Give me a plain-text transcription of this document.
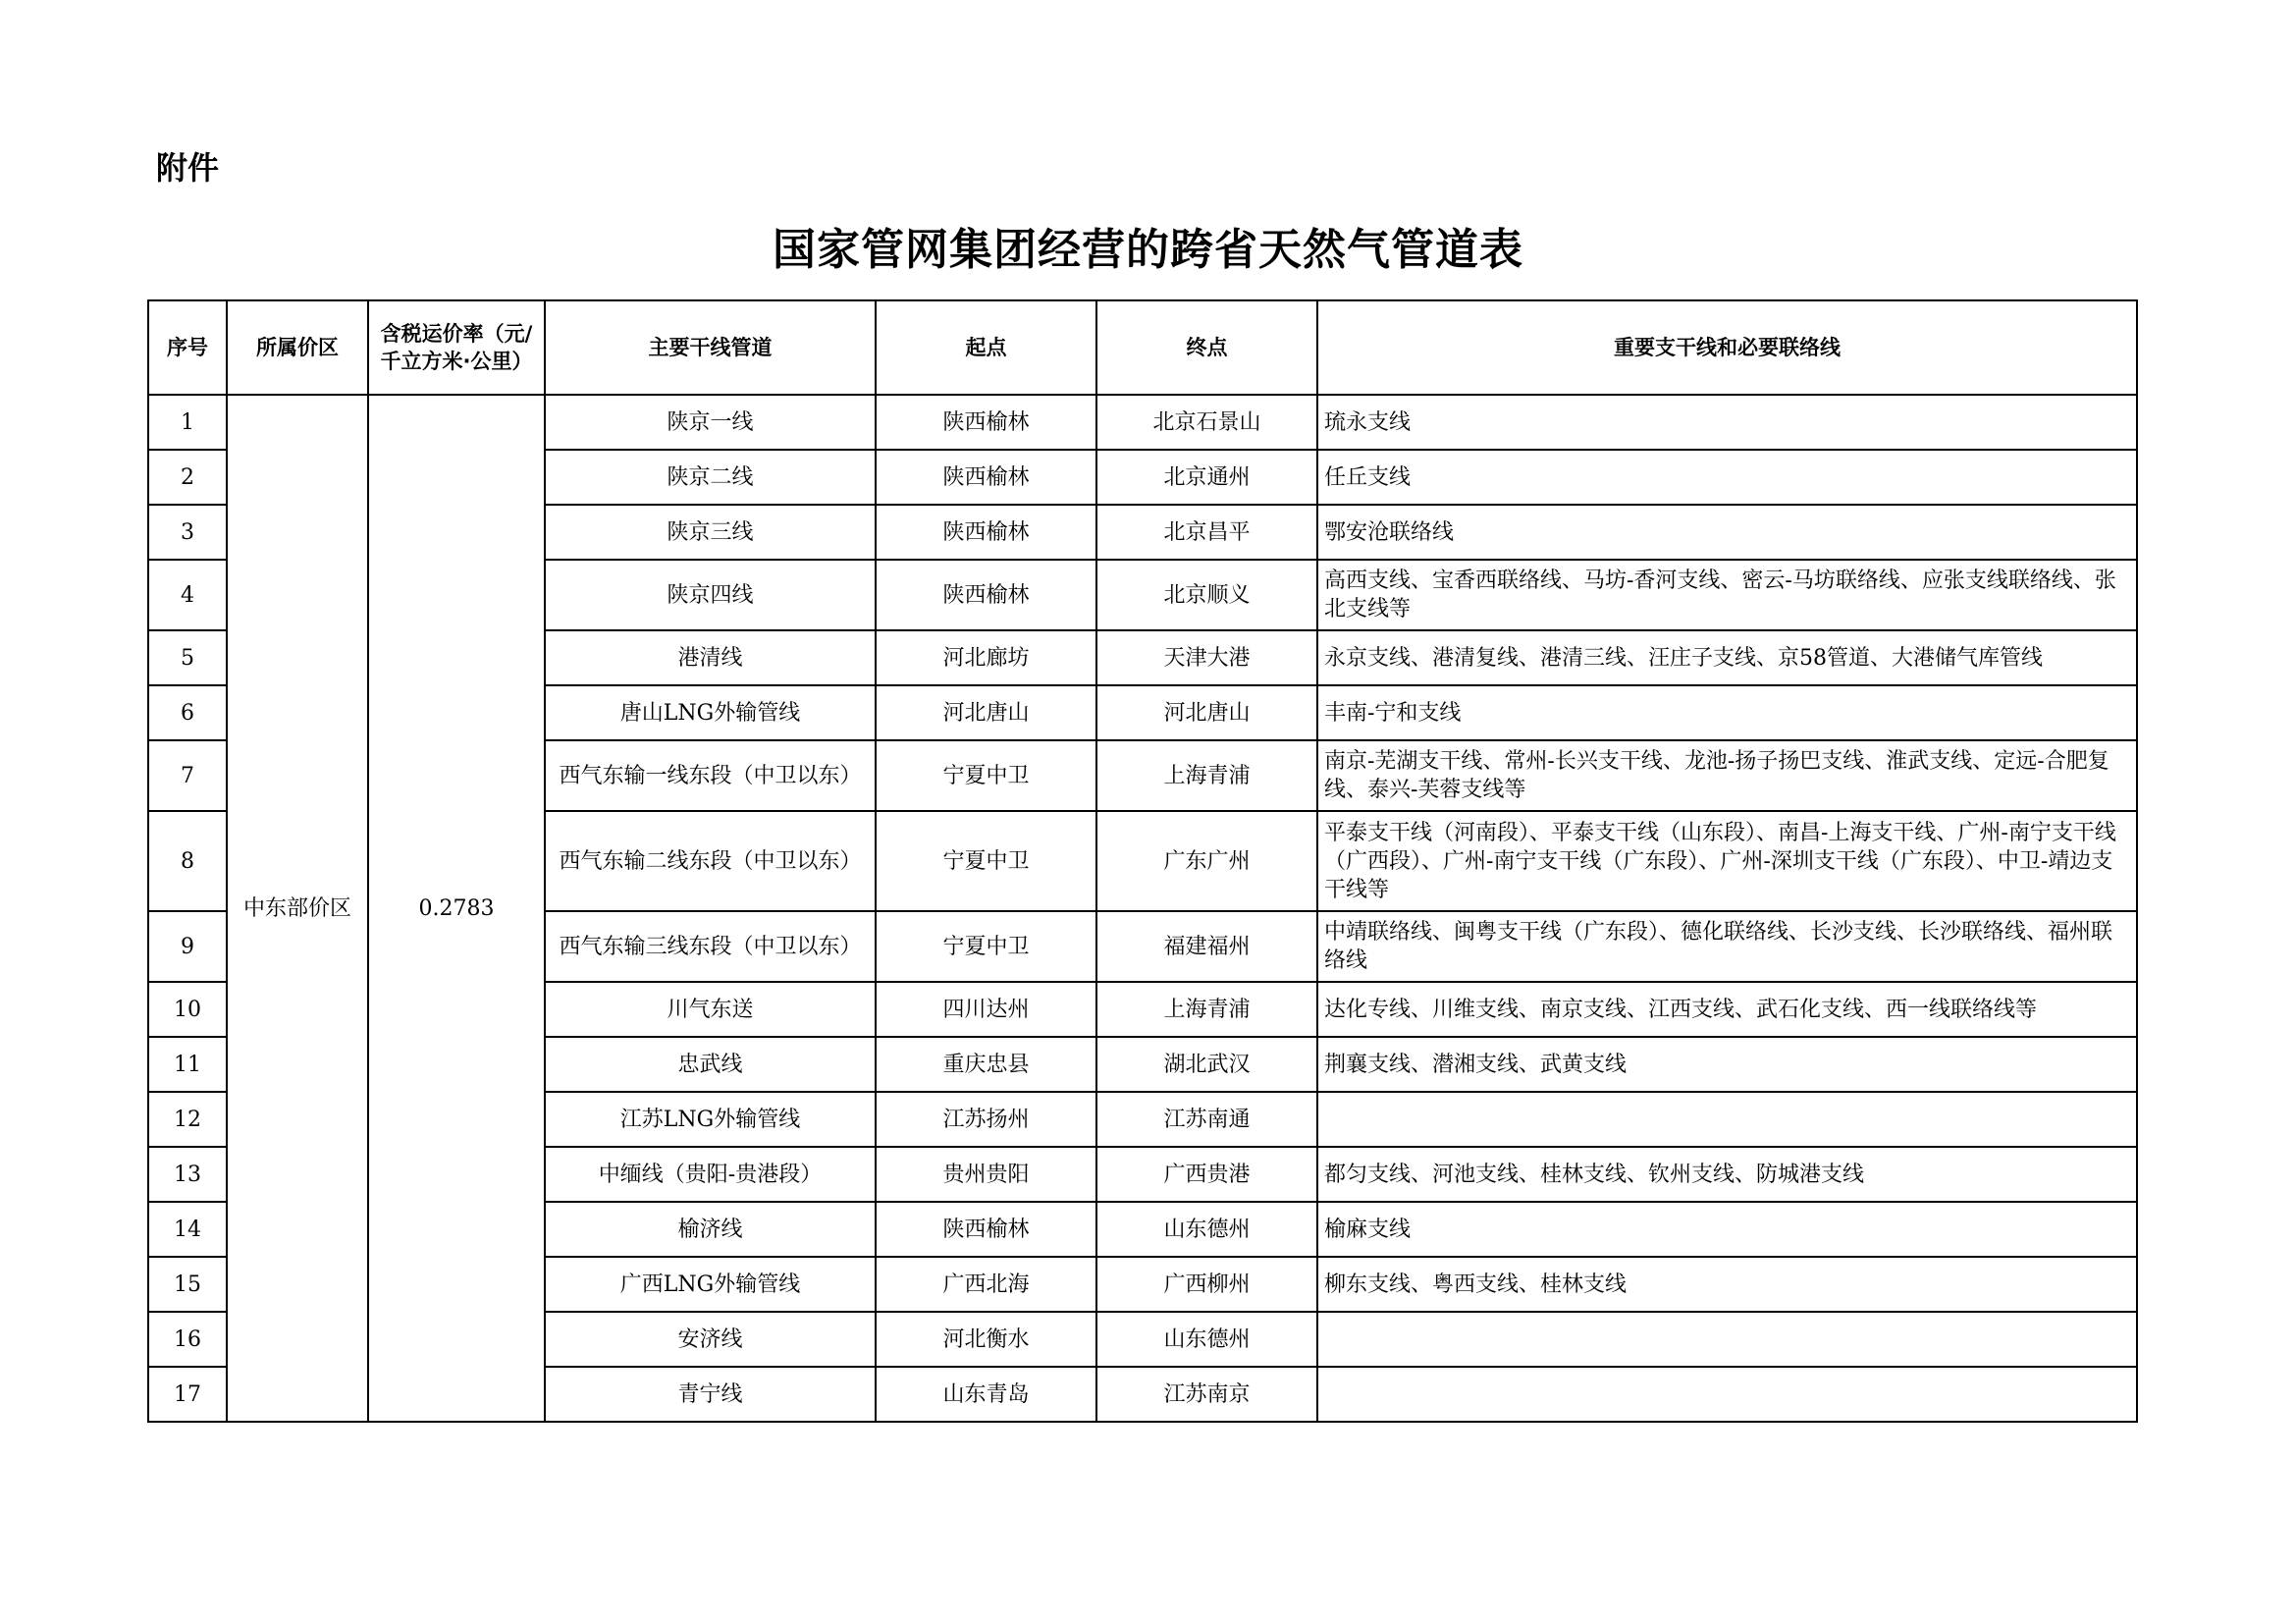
附件
国家管网集团经营的跨省天然气管道表
序号	所属价区	含税运价率（元/千立方米·公里）	主要干线管道	起点	终点	重要支干线和必要联络线
1	中东部价区	0.2783	陕京一线	陕西榆林	北京石景山	琉永支线
2			陕京二线	陕西榆林	北京通州	任丘支线
3			陕京三线	陕西榆林	北京昌平	鄂安沧联络线
4			陕京四线	陕西榆林	北京顺义	高西支线、宝香西联络线、马坊-香河支线、密云-马坊联络线、应张支线联络线、张北支线等
5			港清线	河北廊坊	天津大港	永京支线、港清复线、港清三线、汪庄子支线、京58管道、大港储气库管线
6			唐山LNG外输管线	河北唐山	河北唐山	丰南-宁和支线
7			西气东输一线东段（中卫以东）	宁夏中卫	上海青浦	南京-芜湖支干线、常州-长兴支干线、龙池-扬子扬巴支线、淮武支线、定远-合肥复线、泰兴-芙蓉支线等
8			西气东输二线东段（中卫以东）	宁夏中卫	广东广州	平泰支干线（河南段）、平泰支干线（山东段）、南昌-上海支干线、广州-南宁支干线（广西段）、广州-南宁支干线（广东段）、广州-深圳支干线（广东段）、中卫-靖边支干线等
9			西气东输三线东段（中卫以东）	宁夏中卫	福建福州	中靖联络线、闽粤支干线（广东段）、德化联络线、长沙支线、长沙联络线、福州联络线
10			川气东送	四川达州	上海青浦	达化专线、川维支线、南京支线、江西支线、武石化支线、西一线联络线等
11			忠武线	重庆忠县	湖北武汉	荆襄支线、潜湘支线、武黄支线
12			江苏LNG外输管线	江苏扬州	江苏南通	
13			中缅线（贵阳-贵港段）	贵州贵阳	广西贵港	都匀支线、河池支线、桂林支线、钦州支线、防城港支线
14			榆济线	陕西榆林	山东德州	榆麻支线
15			广西LNG外输管线	广西北海	广西柳州	柳东支线、粤西支线、桂林支线
16			安济线	河北衡水	山东德州	
17			青宁线	山东青岛	江苏南京	
